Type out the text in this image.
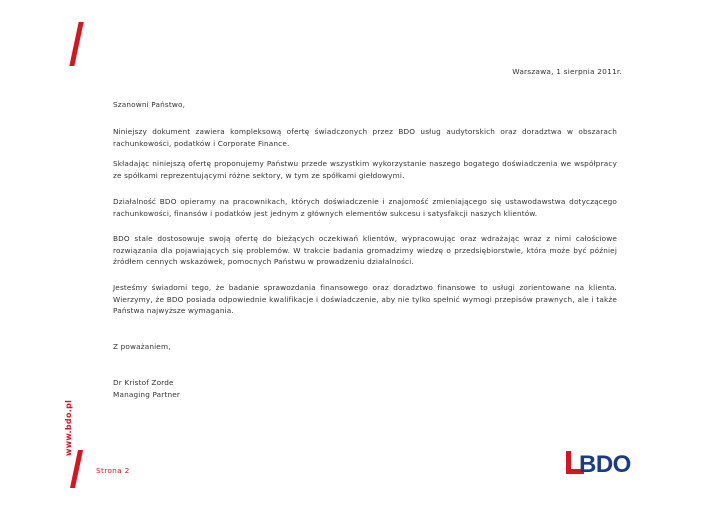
www.bdo.pl
Warszawa, 1 sierpnia 2011r.

Szanowni Państwo,

Niniejszy dokument zawiera kompleksową ofertę świadczonych przez BDO usług audytorskich oraz doradztwa w obszarach rachunkowości, podatków i Corporate Finance.

Składając niniejszą ofertę proponujemy Państwu przede wszystkim wykorzystanie naszego bogatego doświadczenia we współpracy ze spółkami reprezentującymi różne sektory, w tym ze spółkami giełdowymi.

Działalność BDO opieramy na pracownikach, których doświadczenie i znajomość zmieniającego się ustawodawstwa dotyczącego rachunkowości, finansów i podatków jest jednym z głównych elementów sukcesu i satysfakcji naszych klientów.

BDO stale dostosowuje swoją ofertę do bieżących oczekiwań klientów, wypracowując oraz wdrażając wraz z nimi całościowe rozwiązania dla pojawiających się problemów. W trakcie badania gromadzimy wiedzę o przedsiębiorstwie, która może być później źródłem cennych wskazówek, pomocnych Państwu w prowadzeniu działalności.

Jesteśmy świadomi tego, że badanie sprawozdania finansowego oraz doradztwo finansowe to usługi zorientowane na klienta. Wierzymy, że BDO posiada odpowiednie kwalifikacje i doświadczenie, aby nie tylko spełnić wymogi przepisów prawnych, ale i także Państwa najwyższe wymagania.

Z poważaniem,

Dr Kristof Zorde

Managing Partner

Strona 2	BDO
